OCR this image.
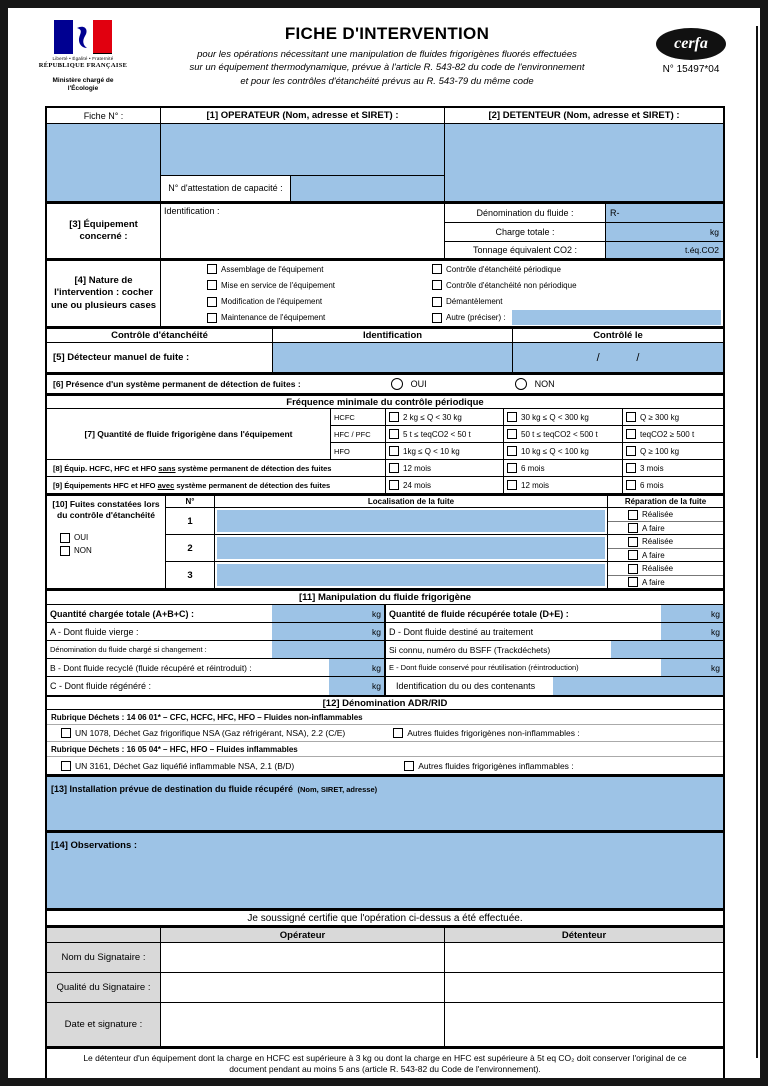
Liberté • Égalité • Fraternité
RÉPUBLIQUE FRANÇAISE
Ministère chargé de l'Écologie
FICHE D'INTERVENTION
pour les opérations nécessitant une manipulation de fluides frigorigènes fluorés effectuées
sur un équipement thermodynamique, prévue à l'article R. 543-82 du code de l'environnement
et pour les contrôles d'étanchéité prévus au R. 543-79 du même code
cerfa
N° 15497*04
Fiche N° :	[1] OPERATEUR (Nom, adresse et SIRET) :	[2] DETENTEUR (Nom, adresse et SIRET) :
N° d'attestation de capacité :
[3] Équipement concerné :
Identification :	Dénomination du fluide :	R-
Charge totale :	kg
Tonnage équivalent CO2 :	t.éq.CO2
[4] Nature de l'intervention : cocher une ou plusieurs cases
Assemblage de l'équipement	Contrôle d'étanchéité périodique
Mise en service de l'équipement	Contrôle d'étanchéité non périodique
Modification de l'équipement	Démantèlement
Maintenance de l'équipement	Autre (préciser) :
Contrôle d'étanchéité	Identification	Contrôlé le
[5] Détecteur manuel de fuite :	/            /
[6] Présence d'un système permanent de détection de fuites :	OUI	NON
Fréquence minimale du contrôle périodique
[7] Quantité de fluide frigorigène dans l'équipement
HCFC	2 kg ≤ Q < 30 kg	30 kg ≤ Q < 300 kg	Q ≥ 300 kg
HFC / PFC	5 t ≤ teqCO2 < 50 t	50 t ≤ teqCO2 < 500 t	teqCO2 ≥ 500 t
HFO	1kg ≤ Q < 10 kg	10 kg ≤ Q < 100 kg	Q ≥ 100 kg
[8] Équip. HCFC, HFC et HFO sans système permanent de détection des fuites	12 mois	6 mois	3 mois
[9] Équipements HFC et HFO avec système permanent de détection des fuites	24 mois	12 mois	6 mois
[10] Fuites constatées lors du contrôle d'étanchéité
OUI
NON
N°	Localisation de la fuite	Réparation de la fuite
1
Réalisée
A faire
2
Réalisée
A faire
3
Réalisée
A faire
[11] Manipulation du fluide frigorigène
Quantité chargée totale (A+B+C) :	kg
A - Dont fluide vierge :	kg
Dénomination du fluide chargé si changement :
B - Dont fluide recyclé (fluide récupéré et réintroduit) :	kg
C - Dont fluide régénéré :	kg
Quantité de fluide récupérée totale (D+E) :	kg
D - Dont fluide destiné au traitement	kg
Si connu, numéro du BSFF (Trackdéchets)
E - Dont fluide conservé pour réutilisation (réintroduction)	kg
Identification du ou des contenants
[12] Dénomination ADR/RID
Rubrique Déchets : 14 06 01* – CFC, HCFC, HFC, HFO – Fluides non-inflammables
UN 1078, Déchet Gaz frigorifique NSA (Gaz réfrigérant, NSA), 2.2 (C/E)	Autres fluides frigorigènes non-inflammables :
Rubrique Déchets : 16 05 04* – HFC, HFO – Fluides inflammables
UN 3161, Déchet Gaz liquéfié inflammable NSA, 2.1 (B/D)	Autres fluides frigorigènes inflammables :
[13] Installation prévue de destination du fluide récupéré (Nom, SIRET, adresse)
[14] Observations :
Je soussigné certifie que l'opération ci-dessus a été effectuée.
Opérateur	Détenteur
Nom du Signataire :
Qualité du Signataire :
Date et signature :
Le détenteur d'un équipement dont la charge en HCFC est supérieure à 3 kg ou dont la charge en HFC est supérieure à 5t eq CO₂ doit conserver l'original de ce document pendant au moins 5 ans (article R. 543-82 du Code de l'environnement).
